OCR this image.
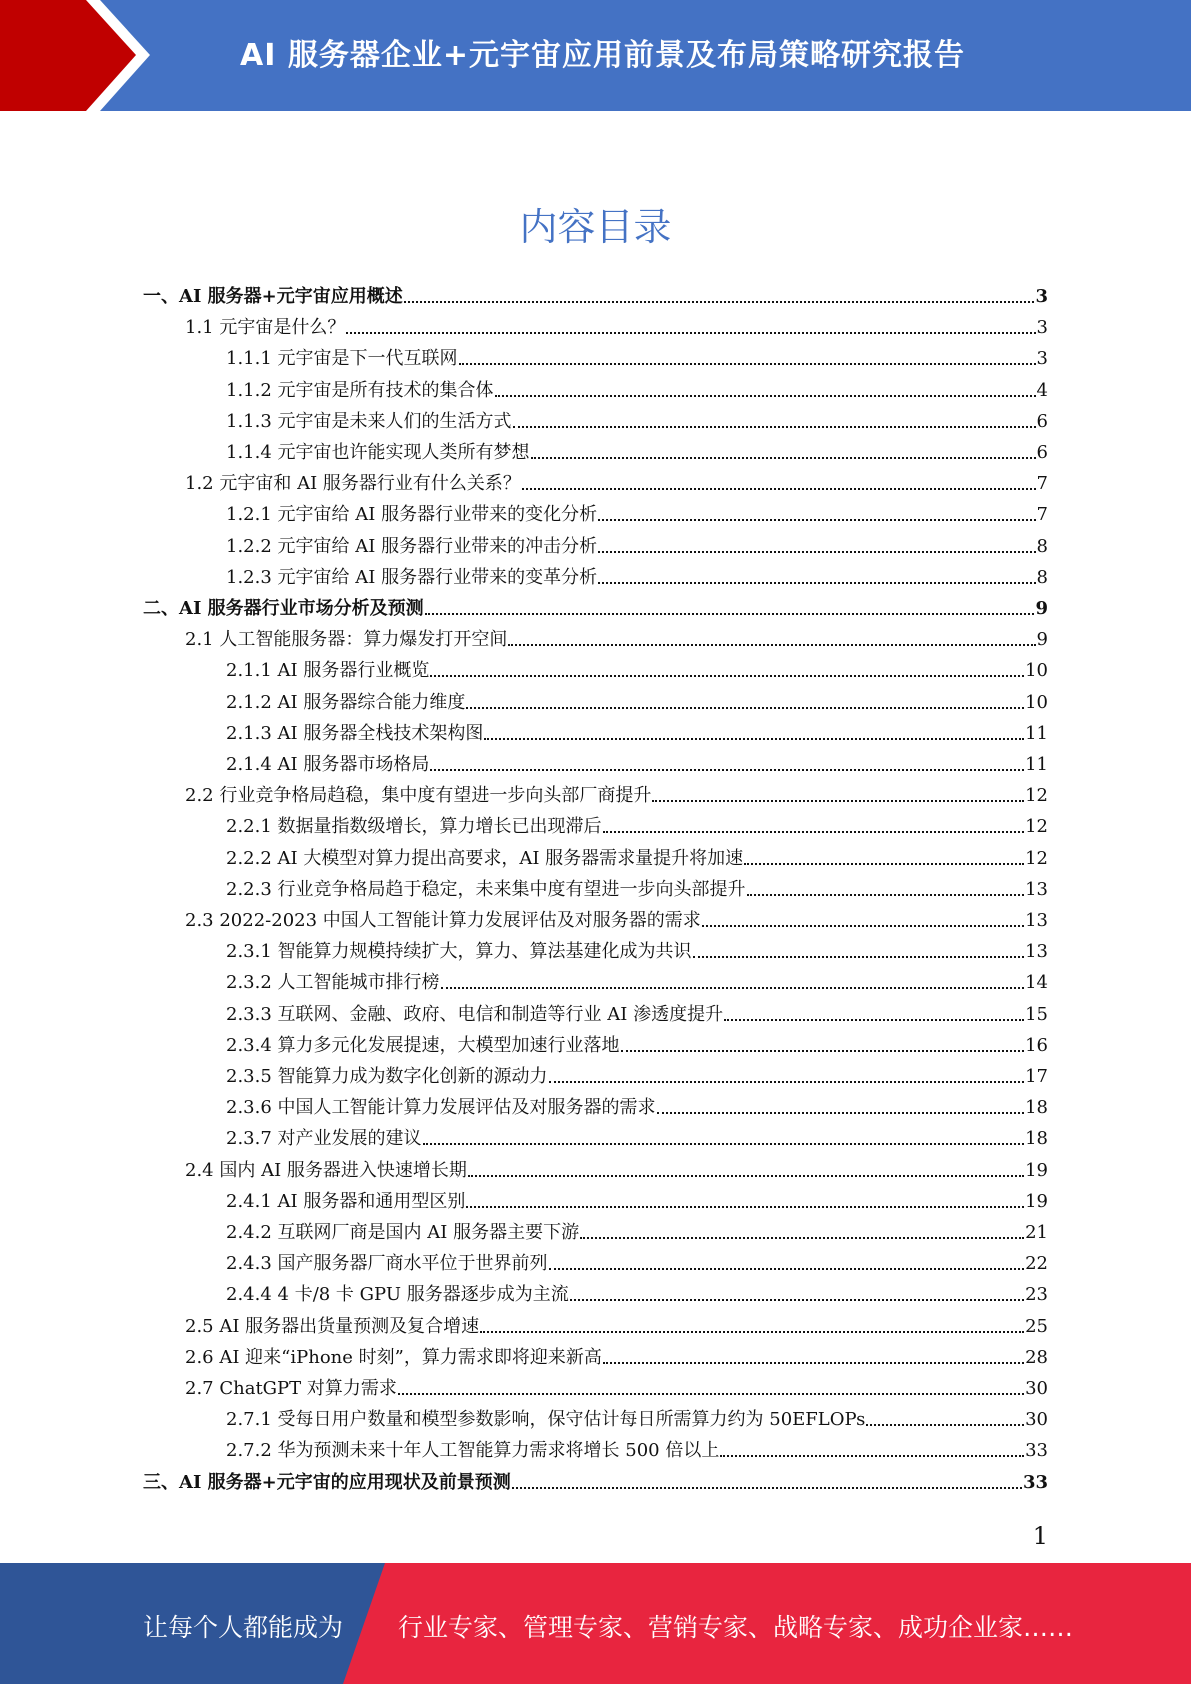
AI 服务器企业+元宇宙应用前景及布局策略研究报告
内容目录
一、AI 服务器+元宇宙应用概述	3
1.1 元宇宙是什么？	3
1.1.1 元宇宙是下一代互联网	3
1.1.2 元宇宙是所有技术的集合体	4
1.1.3 元宇宙是未来人们的生活方式	6
1.1.4 元宇宙也许能实现人类所有梦想	6
1.2 元宇宙和 AI 服务器行业有什么关系？	7
1.2.1 元宇宙给 AI 服务器行业带来的变化分析	7
1.2.2 元宇宙给 AI 服务器行业带来的冲击分析	8
1.2.3 元宇宙给 AI 服务器行业带来的变革分析	8
二、AI 服务器行业市场分析及预测	9
2.1 人工智能服务器：算力爆发打开空间	9
2.1.1 AI 服务器行业概览	10
2.1.2 AI 服务器综合能力维度	10
2.1.3 AI 服务器全栈技术架构图	11
2.1.4 AI 服务器市场格局	11
2.2 行业竞争格局趋稳，集中度有望进一步向头部厂商提升	12
2.2.1 数据量指数级增长，算力增长已出现滞后	12
2.2.2 AI 大模型对算力提出高要求，AI 服务器需求量提升将加速	12
2.2.3 行业竞争格局趋于稳定，未来集中度有望进一步向头部提升	13
2.3 2022-2023 中国人工智能计算力发展评估及对服务器的需求	13
2.3.1 智能算力规模持续扩大，算力、算法基建化成为共识	13
2.3.2 人工智能城市排行榜	14
2.3.3 互联网、金融、政府、电信和制造等行业 AI 渗透度提升	15
2.3.4 算力多元化发展提速，大模型加速行业落地	16
2.3.5 智能算力成为数字化创新的源动力	17
2.3.6 中国人工智能计算力发展评估及对服务器的需求	18
2.3.7 对产业发展的建议	18
2.4 国内 AI 服务器进入快速增长期	19
2.4.1 AI 服务器和通用型区别	19
2.4.2 互联网厂商是国内 AI 服务器主要下游	21
2.4.3 国产服务器厂商水平位于世界前列	22
2.4.4 4 卡/8 卡 GPU 服务器逐步成为主流	23
2.5 AI 服务器出货量预测及复合增速	25
2.6 AI 迎来“iPhone 时刻”，算力需求即将迎来新高	28
2.7 ChatGPT 对算力需求	30
2.7.1 受每日用户数量和模型参数影响，保守估计每日所需算力约为 50EFLOPs	30
2.7.2 华为预测未来十年人工智能算力需求将增长 500 倍以上	33
三、AI 服务器+元宇宙的应用现状及前景预测	33
1
让每个人都能成为 行业专家、管理专家、营销专家、战略专家、成功企业家……
